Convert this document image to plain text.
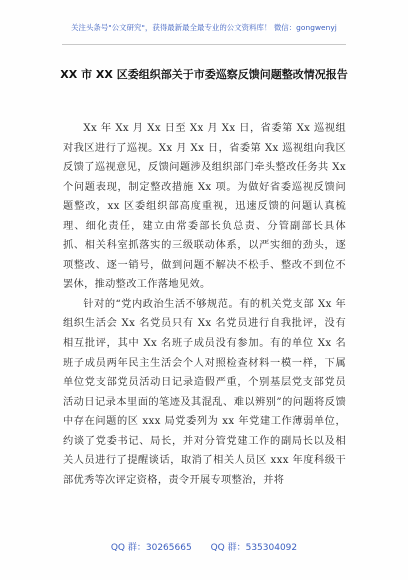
关注头条号"公文研究"，获得最新最全最专业的公文资料库！ 微信：gongwenyj
XX 市 XX 区委组织部关于市委巡察反馈问题整改情况报告

Xx 年 Xx 月 Xx 日至 Xx 月 Xx 日，省委第 Xx 巡视组对我区进行了巡视。Xx 月 Xx 日，省委第 Xx 巡视组向我区反馈了巡视意见，反馈问题涉及组织部门牵头整改任务共 Xx 个问题表现，制定整改措施 Xx 项。为做好省委巡视反馈问题整改，xx 区委组织部高度重视，迅速反馈的问题认真梳理、细化责任，建立由常委部长负总责、分管副部长具体抓、相关科室抓落实的三级联动体系，以严实细的劲头，逐项整改、逐一销号，做到问题不解决不松手、整改不到位不罢休，推动整改工作落地见效。

针对的“党内政治生活不够规范。有的机关党支部 Xx 年组织生活会 Xx 名党员只有 Xx 名党员进行自我批评，没有相互批评，其中 Xx 名班子成员没有参加。有的单位 Xx 名班子成员两年民主生活会个人对照检查材料一模一样，下属单位党支部党员活动日记录造假严重，个别基层党支部党员活动日记录本里面的笔迹及其混乱、难以辨别”的问题将反馈中存在问题的区 xxx 局党委列为 xx 年党建工作薄弱单位，约谈了党委书记、局长，并对分管党建工作的副局长以及相关人员进行了提醒谈话，取消了相关人员区 xxx 年度科级干部优秀等次评定资格，责令开展专项整治，并将

QQ 群：30265665 QQ 群：535304092
